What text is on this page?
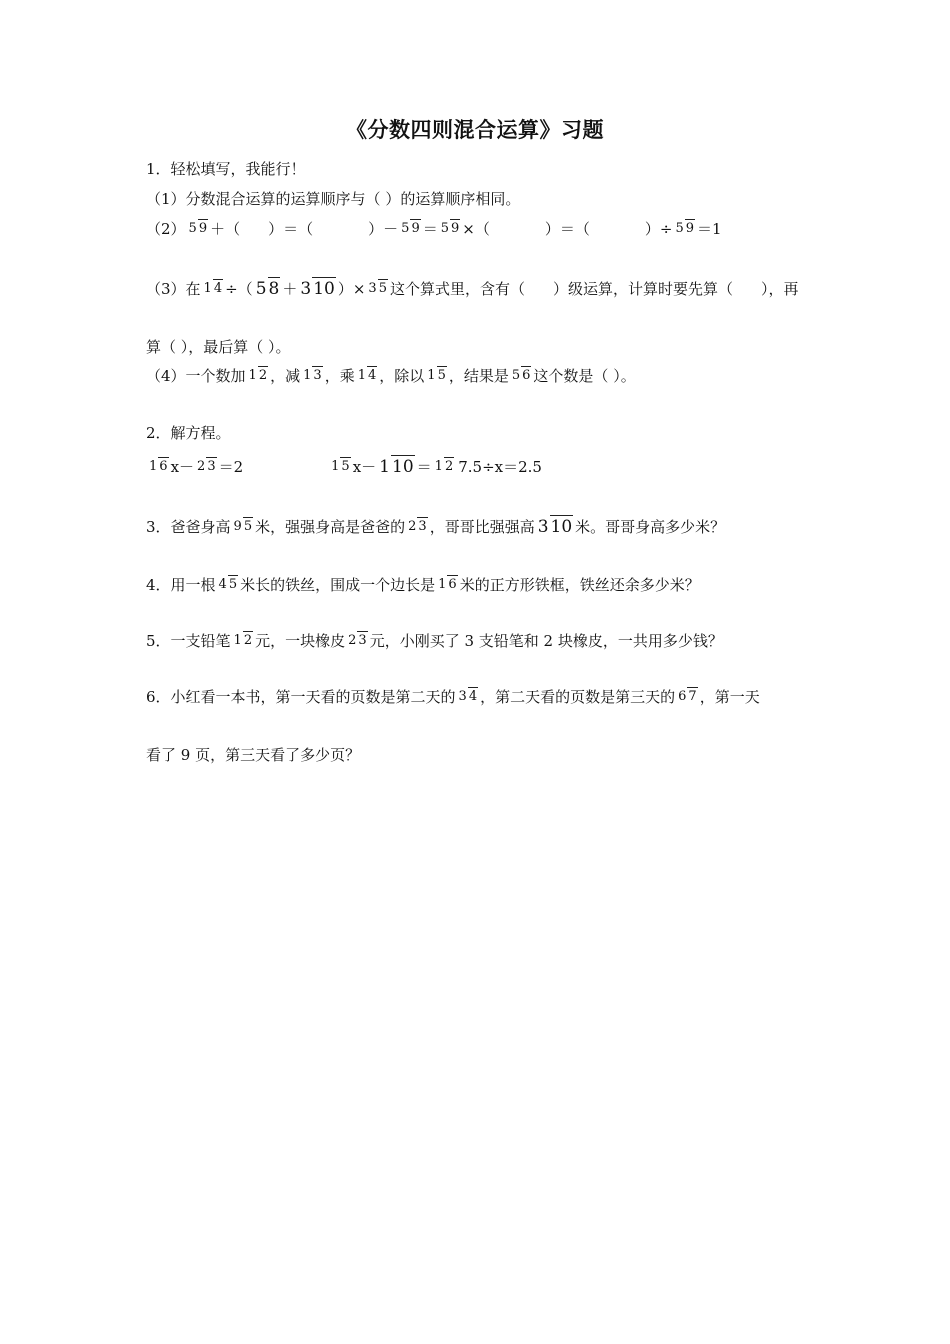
《分数四则混合运算》习题
1．轻松填写，我能行！
（1）分数混合运算的运算顺序与（ ）的运算顺序相同。
（2） 5 9 ＋（ ）＝（	）－ 5 9 ＝ 5 9 ×（	）＝（	）÷ 5 9 ＝1
（3）在 1 4 ÷（ 5 8 ＋ 3 10 ）× 3 5 这个算式里，含有（ ）级运算，计算时要先算（ ），再
算（ ），最后算（ ）。
（4）一个数加 1 2 ，减 1 3 ，乘 1 4 ，除以 1 5 ，结果是 5 6 这个数是（ ）。
2．解方程。
1 6 x－ 2 3 ＝2	1 5 x－ 1 10 ＝ 1 2 7.5÷x＝2.5
3．爸爸身高 9 5 米，强强身高是爸爸的 2 3 ，哥哥比强强高 3 10 米。哥哥身高多少米？
4．用一根 4 5 米长的铁丝，围成一个边长是 1 6 米的正方形铁框，铁丝还余多少米？
5．一支铅笔 1 2 元，一块橡皮 2 3 元，小刚买了 3 支铅笔和 2 块橡皮，一共用多少钱？
6．小红看一本书，第一天看的页数是第二天的 3 4 ，第二天看的页数是第三天的 6 7 ，第一天
看了 9 页，第三天看了多少页？
